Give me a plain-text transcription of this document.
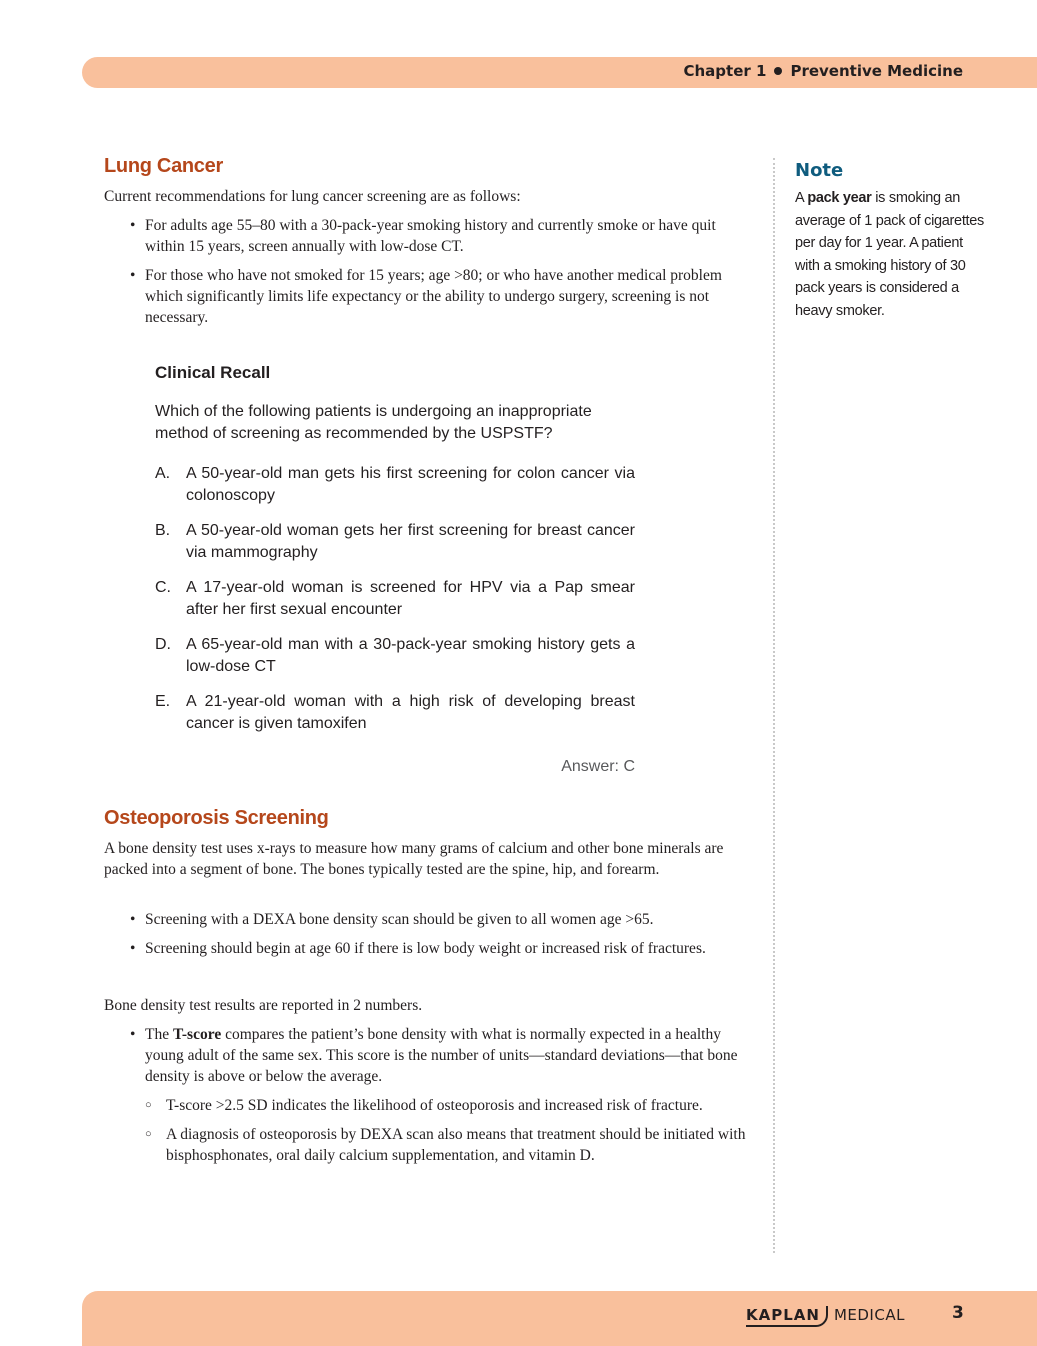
Chapter 1 Preventive Medicine
Lung Cancer

Current recommendations for lung cancer screening are as follows:

• For adults age 55–80 with a 30-pack-year smoking history and currently smoke or have quit within 15 years, screen annually with low-dose CT.
• For those who have not smoked for 15 years; age >80; or who have another medical problem which significantly limits life expectancy or the ability to undergo surgery, screening is not necessary.
Clinical Recall

Which of the following patients is undergoing an inappropriate method of screening as recommended by the USPSTF?

A. A 50-year-old man gets his first screening for colon cancer via colonoscopy
B. A 50-year-old woman gets her first screening for breast cancer via mammography
C. A 17-year-old woman is screened for HPV via a Pap smear after her first sexual encounter
D. A 65-year-old man with a 30-pack-year smoking history gets a low-dose CT
E. A 21-year-old woman with a high risk of developing breast cancer is given tamoxifen

Answer: C

Osteoporosis Screening

A bone density test uses x-rays to measure how many grams of calcium and other bone minerals are packed into a segment of bone. The bones typically tested are the spine, hip, and forearm.

• Screening with a DEXA bone density scan should be given to all women age >65.
• Screening should begin at age 60 if there is low body weight or increased risk of fractures.

Bone density test results are reported in 2 numbers.

• The T-score compares the patient’s bone density with what is normally expected in a healthy young adult of the same sex. This score is the number of units—standard deviations—that bone density is above or below the average.
○ T-score >2.5 SD indicates the likelihood of osteoporosis and increased risk of fracture.
○ A diagnosis of osteoporosis by DEXA scan also means that treatment should be initiated with bisphosphonates, oral daily calcium supplementation, and vitamin D.
Note

A pack year is smoking an average of 1 pack of cigarettes per day for 1 year. A patient with a smoking history of 30 pack years is considered a heavy smoker.

KAPLAN MEDICAL	3
